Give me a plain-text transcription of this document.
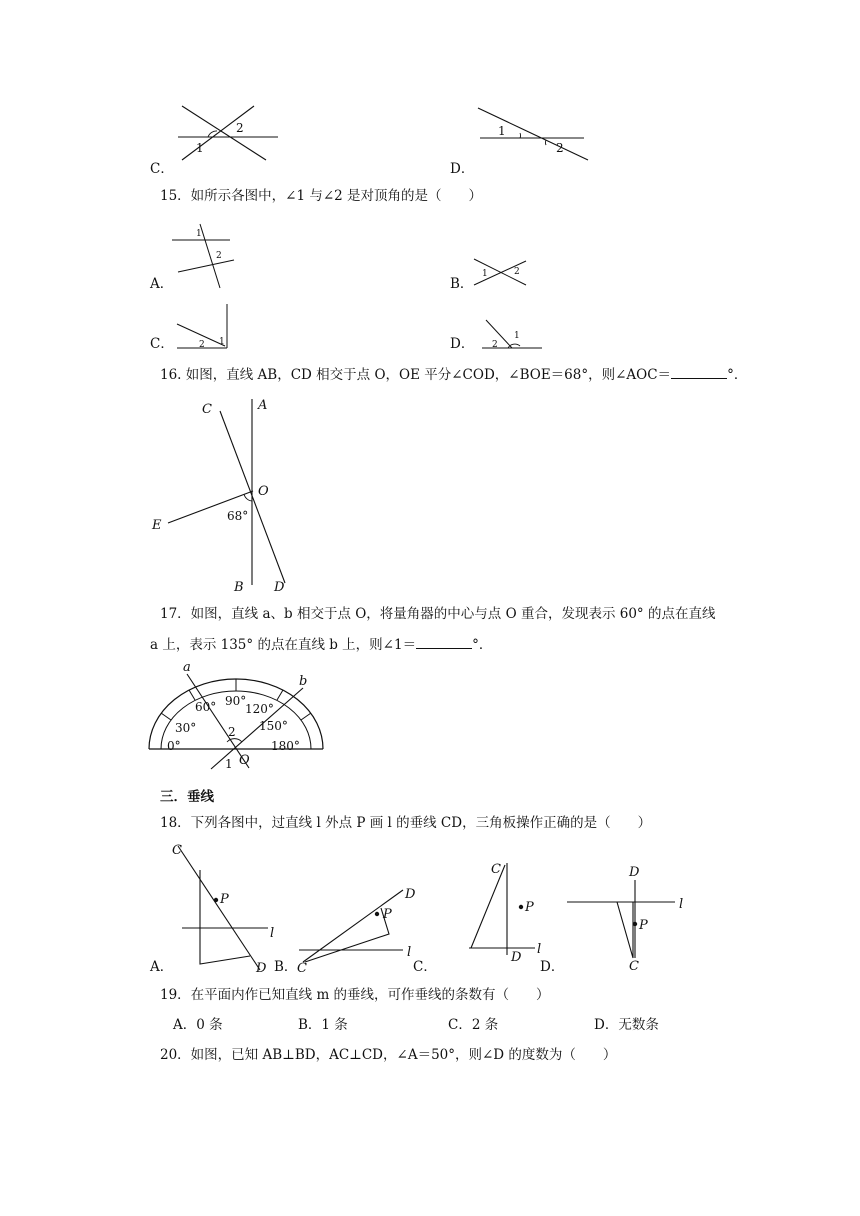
1
2
C．
1
2
D．
15．如所示各图中，∠1 与∠2 是对顶角的是（　　）
1
2
A．
1	2
B．
2 1
C．	2
1
D．
16. 如图，直线 AB，CD 相交于点 O，OE 平分∠COD，∠BOE＝68°，则∠AOC＝	°．
C	A
O
E
B D
68°
17．如图，直线 a、b 相交于点 O，将量角器的中心与点 O 重合，发现表示 60° 的点在直线
a 上，表示 135° 的点在直线 b 上，则∠1＝	°．
a
b
0°
30°
60° 90°
120°
150°
180°
2
1 O
三．垂线
18．下列各图中，过直线 l 外点 P 画 l 的垂线 CD，三角板操作正确的是（　　）
C
P
l
D
A．
D
P
l
C
B．
C
P
l
D
C．
D
l
P
C
D．
19．在平面内作已知直线 m 的垂线，可作垂线的条数有（　　）
A．0 条	B．1 条	C．2 条	D．无数条
20．如图，已知 AB⊥BD，AC⊥CD，∠A＝50°，则∠D 的度数为（　　）
